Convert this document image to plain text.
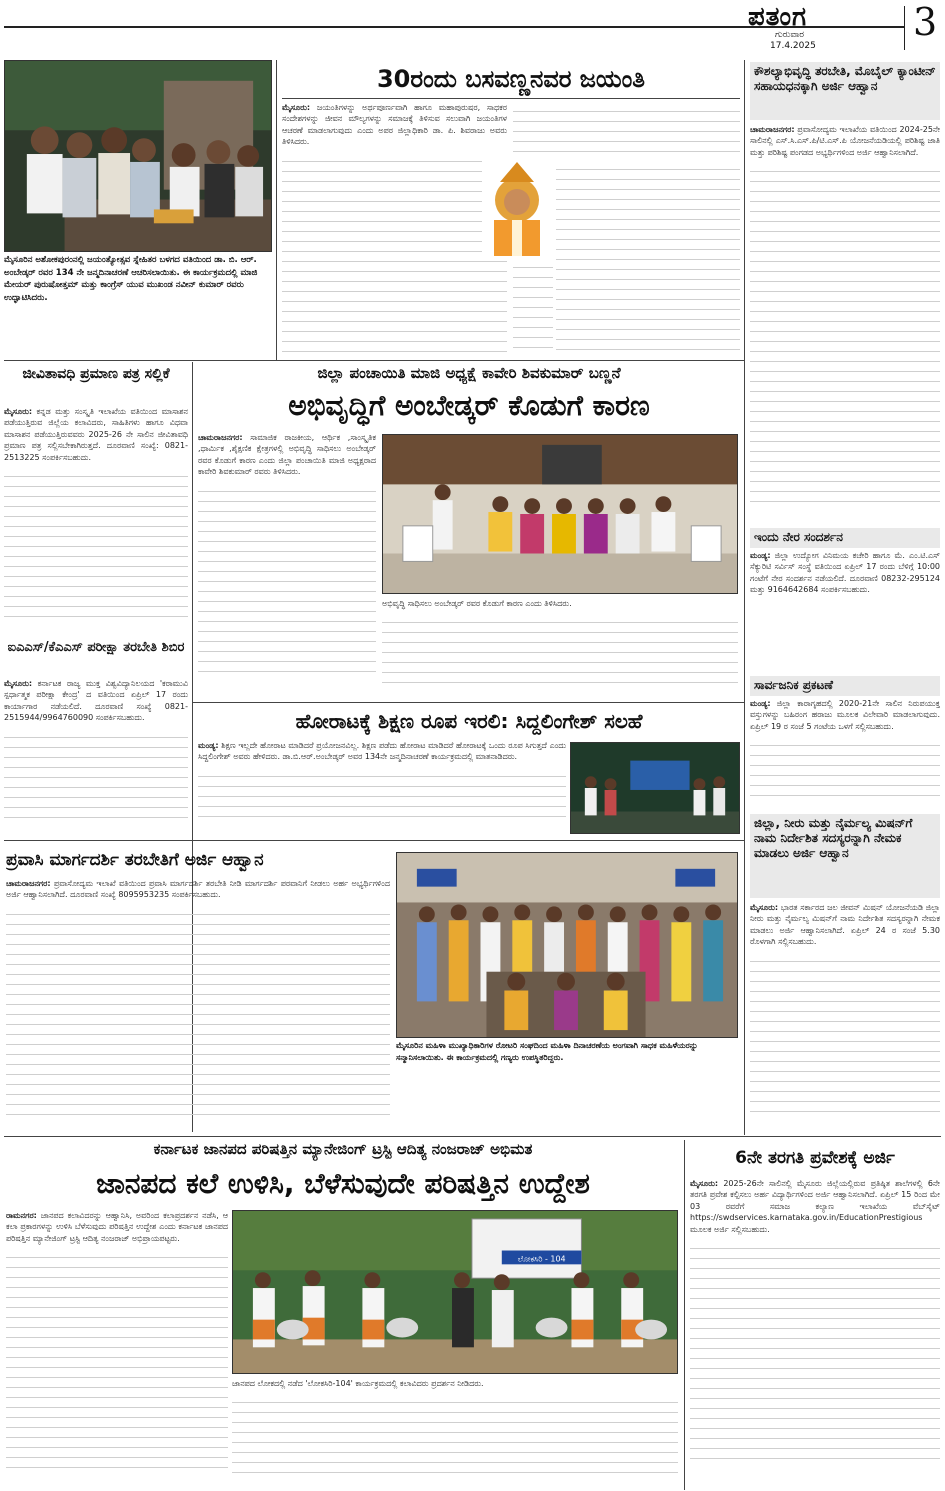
ಪತಂಗ
ಗುರುವಾರ
17.4.2025
3
ಮೈಸೂರಿನ ಅಶೋಕಪುರಂನಲ್ಲಿ ಜಯಂತ್ಯೋತ್ಸವ ಸ್ನೇಹಿತರ ಬಳಗದ ವತಿಯಿಂದ ಡಾ. ಬಿ. ಆರ್. ಅಂಬೇಡ್ಕರ್ ರವರ 134 ನೇ ಜನ್ಮದಿನಾಚರಣೆ ಆಚರಿಸಲಾಯಿತು. ಈ ಕಾರ್ಯಕ್ರಮದಲ್ಲಿ ಮಾಜಿ ಮೇಯರ್ ಪುರುಷೋತ್ತಮ್ ಮತ್ತು ಕಾಂಗ್ರೆಸ್ ಯುವ ಮುಖಂಡ ನವೀನ್ ಕುಮಾರ್ ರವರು ಉದ್ಘಾಟಿಸಿದರು.
30ರಂದು ಬಸವಣ್ಣನವರ ಜಯಂತಿ
ಮೈಸೂರು: ಜಯಂತಿಗಳನ್ನು ಅರ್ಥಪೂರ್ಣವಾಗಿ ಹಾಗೂ ಮಹಾಪುರುಷರ, ಸಾಧಕರ ಸಂದೇಶಗಳನ್ನು ಜೀವನ ಮೌಲ್ಯಗಳನ್ನು ಸಮಾಜಕ್ಕೆ ತಿಳಿಸುವ ಸಲುವಾಗಿ ಜಯಂತಿಗಳ ಆಚರಣೆ ಮಾಡಲಾಗುವುದು ಎಂದು ಅಪರ ಜಿಲ್ಲಾಧಿಕಾರಿ ಡಾ. ಪಿ. ಶಿವರಾಜು ಅವರು ತಿಳಿಸಿದರು.
ಕೌಶಲ್ಯಾಭಿವೃದ್ಧಿ ತರಬೇತಿ, ಮೊಬೈಲ್ ಕ್ಯಾಂಟೀನ್ ಸಹಾಯಧನಕ್ಕಾಗಿ ಅರ್ಜಿ ಆಹ್ವಾನ
ಚಾಮರಾಜನಗರ: ಪ್ರವಾಸೋದ್ಯಮ ಇಲಾಖೆಯ ವತಿಯಿಂದ 2024-25ನೇ ಸಾಲಿನಲ್ಲಿ ಎಸ್.ಸಿ.ಎಸ್.ಪಿ/ಟಿ.ಎಸ್.ಪಿ ಯೋಜನೆಯಡಿಯಲ್ಲಿ ಪರಿಶಿಷ್ಟ ಜಾತಿ ಮತ್ತು ಪರಿಶಿಷ್ಟ ಪಂಗಡದ ಅಭ್ಯರ್ಥಿಗಳಿಂದ ಅರ್ಜಿ ಆಹ್ವಾನಿಸಲಾಗಿದೆ.
ಇಂದು ನೇರ ಸಂದರ್ಶನ
ಮಂಡ್ಯ: ಜಿಲ್ಲಾ ಉದ್ಯೋಗ ವಿನಿಮಯ ಕಚೇರಿ ಹಾಗೂ ಮೆ. ಎಂ.ಟಿ.ಎಸ್ ಸೆಕ್ಯುರಿಟಿ ಸರ್ವಿಸ್ ಸಂಸ್ಥೆ ವತಿಯಿಂದ ಏಪ್ರಿಲ್ 17 ರಂದು ಬೆಳಿಗ್ಗೆ 10:00 ಗಂಟೆಗೆ ನೇರ ಸಂದರ್ಶನ ನಡೆಯಲಿದೆ. ದೂರವಾಣಿ 08232-295124 ಮತ್ತು 9164642684 ಸಂಪರ್ಕಿಸಬಹುದು.
ಸಾರ್ವಜನಿಕ ಪ್ರಕಟಣೆ
ಮಂಡ್ಯ: ಜಿಲ್ಲಾ ಕಾರಾಗೃಹದಲ್ಲಿ 2020-21ನೇ ಸಾಲಿನ ನಿರುಪಯುಕ್ತ ವಸ್ತುಗಳನ್ನು ಬಹಿರಂಗ ಹರಾಜು ಮೂಲಕ ವಿಲೇವಾರಿ ಮಾಡಲಾಗುವುದು. ಏಪ್ರಿಲ್ 19 ರ ಸಂಜೆ 5 ಗಂಟೆಯ ಒಳಗೆ ಸಲ್ಲಿಸಬಹುದು.
ಜಿಲ್ಲಾ, ನೀರು ಮತ್ತು ನೈರ್ಮಲ್ಯ ಮಿಷನ್‌ಗೆ ನಾಮ ನಿರ್ದೇಶಿತ ಸದಸ್ಯರನ್ನಾಗಿ ನೇಮಕ ಮಾಡಲು ಅರ್ಜಿ ಆಹ್ವಾನ
ಮೈಸೂರು: ಭಾರತ ಸರ್ಕಾರದ ಜಲ ಜೀವನ್ ಮಿಷನ್ ಯೋಜನೆಯಡಿ ಜಿಲ್ಲಾ ನೀರು ಮತ್ತು ನೈರ್ಮಲ್ಯ ಮಿಷನ್‌ಗೆ ನಾಮ ನಿರ್ದೇಶಿತ ಸದಸ್ಯರನ್ನಾಗಿ ನೇಮಕ ಮಾಡಲು ಅರ್ಜಿ ಆಹ್ವಾನಿಸಲಾಗಿದೆ. ಏಪ್ರಿಲ್ 24 ರ ಸಂಜೆ 5.30 ರೊಳಗಾಗಿ ಸಲ್ಲಿಸಬಹುದು.
ಜೀವಿತಾವಧಿ ಪ್ರಮಾಣ ಪತ್ರ ಸಲ್ಲಿಕೆ
ಮೈಸೂರು: ಕನ್ನಡ ಮತ್ತು ಸಂಸ್ಕೃತಿ ಇಲಾಖೆಯ ವತಿಯಿಂದ ಮಾಸಾಶನ ಪಡೆಯುತ್ತಿರುವ ಜಿಲ್ಲೆಯ ಕಲಾವಿದರು, ಸಾಹಿತಿಗಳು ಹಾಗೂ ವಿಧವಾ ಮಾಸಾಶನ ಪಡೆಯುತ್ತಿರುವವರು 2025-26 ನೇ ಸಾಲಿನ ಜೀವಿತಾವಧಿ ಪ್ರಮಾಣ ಪತ್ರ ಸಲ್ಲಿಸಬೇಕಾಗಿರುತ್ತದೆ. ದೂರವಾಣಿ ಸಂಖ್ಯೆ: 0821-2513225 ಸಂಪರ್ಕಿಸಬಹುದು.
ಐಎಎಸ್/ಕೆಎಎಸ್ ಪರೀಕ್ಷಾ ತರಬೇತಿ ಶಿಬಿರ
ಮೈಸೂರು: ಕರ್ನಾಟಕ ರಾಜ್ಯ ಮುಕ್ತ ವಿಶ್ವವಿದ್ಯಾನಿಲಯದ 'ಕರಾಮುವಿ ಸ್ಪರ್ಧಾತ್ಮಕ ಪರೀಕ್ಷಾ ಕೇಂದ್ರ' ದ ವತಿಯಿಂದ ಏಪ್ರಿಲ್ 17 ರಂದು ಕಾರ್ಯಾಗಾರ ನಡೆಯಲಿದೆ. ದೂರವಾಣಿ ಸಂಖ್ಯೆ 0821-2515944/9964760090 ಸಂಪರ್ಕಿಸಬಹುದು.
ಜಿಲ್ಲಾ ಪಂಚಾಯಿತಿ ಮಾಜಿ ಅಧ್ಯಕ್ಷೆ ಕಾವೇರಿ ಶಿವಕುಮಾರ್ ಬಣ್ಣನೆ
ಅಭಿವೃದ್ಧಿಗೆ ಅಂಬೇಡ್ಕರ್ ಕೊಡುಗೆ ಕಾರಣ
ಚಾಮರಾಜನಗರ: ಸಾಮಾಜಿಕ ರಾಜಕೀಯ, ಆರ್ಥಿಕ ,ಸಾಂಸ್ಕೃತಿಕ ,ಧಾರ್ಮಿಕ ,ಶೈಕ್ಷಣಿಕ ಕ್ಷೇತ್ರಗಳಲ್ಲಿ ಅಭಿವೃದ್ಧಿ ಸಾಧಿಸಲು ಅಂಬೇಡ್ಕರ್ ರವರ ಕೊಡುಗೆ ಕಾರಣ ಎಂದು ಜಿಲ್ಲಾ ಪಂಚಾಯಿತಿ ಮಾಜಿ ಅಧ್ಯಕ್ಷರಾದ ಕಾವೇರಿ ಶಿವಕುಮಾರ್ ರವರು ತಿಳಿಸಿದರು.
ಅಭಿವೃದ್ಧಿ ಸಾಧಿಸಲು ಅಂಬೇಡ್ಕರ್ ರವರ ಕೊಡುಗೆ ಕಾರಣ ಎಂದು ತಿಳಿಸಿದರು.
ಹೋರಾಟಕ್ಕೆ ಶಿಕ್ಷಣ ರೂಪ ಇರಲಿ: ಸಿದ್ದಲಿಂಗೇಶ್ ಸಲಹೆ
ಮಂಡ್ಯ: ಶಿಕ್ಷಣ ಇಲ್ಲದೇ ಹೋರಾಟ ಮಾಡಿದರೆ ಪ್ರಯೋಜನವಿಲ್ಲ. ಶಿಕ್ಷಣ ಪಡೆದು ಹೋರಾಟ ಮಾಡಿದರೆ ಹೋರಾಟಕ್ಕೆ ಒಂದು ರೂಪ ಸಿಗುತ್ತದೆ ಎಂದು ಸಿದ್ದಲಿಂಗೇಶ್ ಅವರು ಹೇಳಿದರು. ಡಾ.ಬಿ.ಆರ್.ಅಂಬೇಡ್ಕರ್ ಅವರ 134ನೇ ಜನ್ಮದಿನಾಚರಣೆ ಕಾರ್ಯಕ್ರಮದಲ್ಲಿ ಮಾತನಾಡಿದರು.
ಪ್ರವಾಸಿ ಮಾರ್ಗದರ್ಶಿ ತರಬೇತಿಗೆ ಅರ್ಜಿ ಆಹ್ವಾನ
ಚಾಮರಾಜನಗರ: ಪ್ರವಾಸೋದ್ಯಮ ಇಲಾಖೆ ವತಿಯಿಂದ ಪ್ರವಾಸಿ ಮಾರ್ಗದರ್ಶಿ ತರಬೇತಿ ನೀಡಿ ಮಾರ್ಗದರ್ಶಿ ಪರವಾನಿಗೆ ನೀಡಲು ಅರ್ಹ ಅಭ್ಯರ್ಥಿಗಳಿಂದ ಅರ್ಜಿ ಆಹ್ವಾನಿಸಲಾಗಿದೆ. ದೂರವಾಣಿ ಸಂಖ್ಯೆ 8095953235 ಸಂಪರ್ಕಿಸಬಹುದು.
ಮೈಸೂರಿನ ಮಹಿಳಾ ಮುಖ್ಯಾಧಿಕಾರಿಗಳ ರೋಟರಿ ಸಂಘದಿಂದ ಮಹಿಳಾ ದಿನಾಚರಣೆಯ ಅಂಗವಾಗಿ ಸಾಧಕ ಮಹಿಳೆಯರನ್ನು ಸನ್ಮಾನಿಸಲಾಯಿತು. ಈ ಕಾರ್ಯಕ್ರಮದಲ್ಲಿ ಗಣ್ಯರು ಉಪಸ್ಥಿತರಿದ್ದರು.
ಕರ್ನಾಟಕ ಜಾನಪದ ಪರಿಷತ್ತಿನ ಮ್ಯಾನೇಜಿಂಗ್ ಟ್ರಸ್ಟಿ ಆದಿತ್ಯ ನಂಜರಾಜ್ ಅಭಿಮತ
ಜಾನಪದ ಕಲೆ ಉಳಿಸಿ, ಬೆಳೆಸುವುದೇ ಪರಿಷತ್ತಿನ ಉದ್ದೇಶ
ರಾಮನಗರ: ಜಾನಪದ ಕಲಾವಿದರನ್ನು ಆಹ್ವಾನಿಸಿ, ಅವರಿಂದ ಕಲಾಪ್ರದರ್ಶನ ನಡೆಸಿ, ಆ ಕಲಾ ಪ್ರಕಾರಗಳನ್ನು ಉಳಿಸಿ ಬೆಳೆಸುವುದು ಪರಿಷತ್ತಿನ ಉದ್ದೇಶ ಎಂದು ಕರ್ನಾಟಕ ಜಾನಪದ ಪರಿಷತ್ತಿನ ಮ್ಯಾನೇಜಿಂಗ್ ಟ್ರಸ್ಟಿ ಆದಿತ್ಯ ನಂಜರಾಜ್ ಅಭಿಪ್ರಾಯಪಟ್ಟರು.
ಲೋಕಸಿರಿ - 104
ಜಾನಪದ ಲೋಕದಲ್ಲಿ ನಡೆದ 'ಲೋಕಸಿರಿ-104' ಕಾರ್ಯಕ್ರಮದಲ್ಲಿ ಕಲಾವಿದರು ಪ್ರದರ್ಶನ ನೀಡಿದರು.
6ನೇ ತರಗತಿ ಪ್ರವೇಶಕ್ಕೆ ಅರ್ಜಿ
ಮೈಸೂರು: 2025-26ನೇ ಸಾಲಿನಲ್ಲಿ ಮೈಸೂರು ಜಿಲ್ಲೆಯಲ್ಲಿರುವ ಪ್ರತಿಷ್ಠಿತ ಶಾಲೆಗಳಲ್ಲಿ 6ನೇ ತರಗತಿ ಪ್ರವೇಶ ಕಲ್ಪಿಸಲು ಅರ್ಹ ವಿದ್ಯಾರ್ಥಿಗಳಿಂದ ಅರ್ಜಿ ಆಹ್ವಾನಿಸಲಾಗಿದೆ. ಏಪ್ರಿಲ್ 15 ರಿಂದ ಮೇ 03 ರವರೆಗೆ ಸಮಾಜ ಕಲ್ಯಾಣ ಇಲಾಖೆಯ ವೆಬ್‌ಸೈಟ್ https://swdservices.karnataka.gov.in/EducationPrestigious ಮೂಲಕ ಅರ್ಜಿ ಸಲ್ಲಿಸಬಹುದು.
